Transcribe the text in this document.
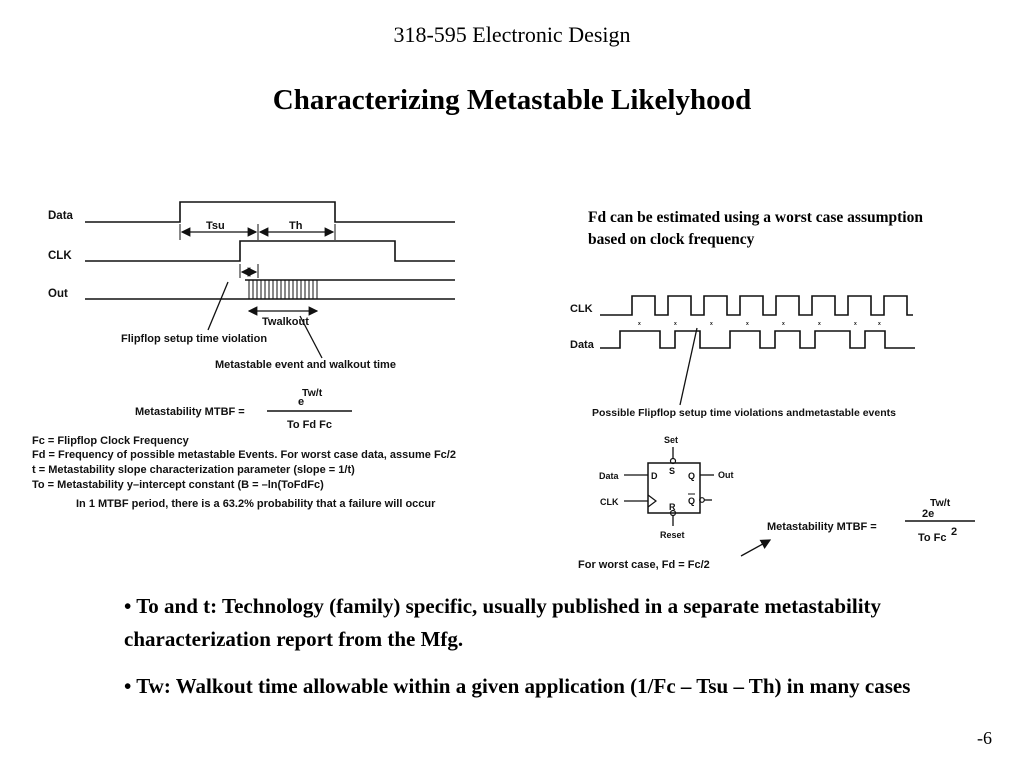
318-595 Electronic Design
Characterizing Metastable Likelyhood
Data
CLK
Out
Tsu	Th
Twalkout
Flipflop setup time violation
Metastable event and walkout time
Metastability MTBF =
Tw/t
e
To Fd Fc
Fc = Flipflop Clock Frequency
Fd = Frequency of possible metastable Events. For worst case data, assume Fc/2
t = Metastability slope characterization parameter (slope = 1/t)
To = Metastability y–intercept constant (B = –ln(ToFdFc)
In 1 MTBF period, there is a 63.2% probability that a failure will occur
x	x	x	x	x	x	x	x
CLK
Data
Possible Flipflop setup time violations andmetastable events
Set
S
D	Q
Q
R
Reset
Data
CLK
Out
Metastability MTBF =
Tw/t
2e
To Fc 2
For worst case, Fd = Fc/2
Fd can be estimated using a worst case assumption based on clock frequency

• To and t: Technology (family) specific, usually published in a separate metastability characterization report from the Mfg.

• Tw: Walkout time allowable within a given application (1/Fc – Tsu – Th) in many cases

-6
